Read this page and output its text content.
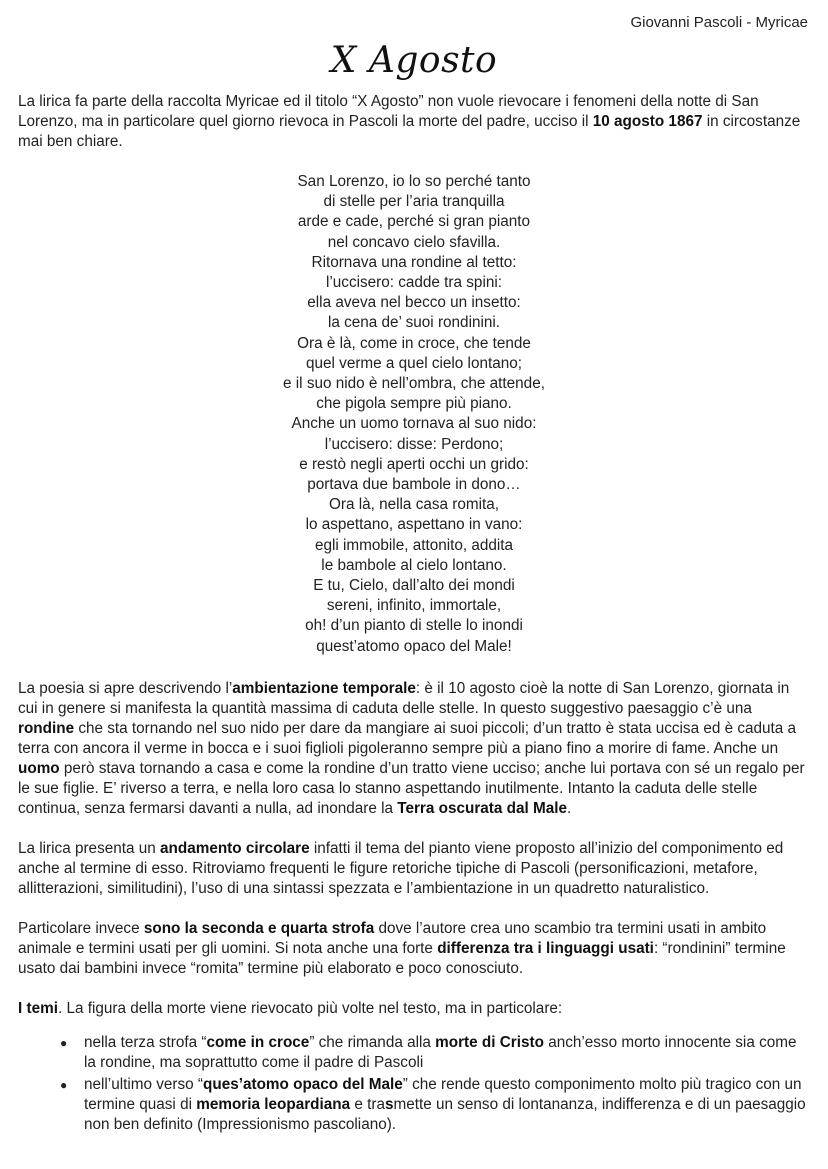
Giovanni Pascoli - Myricae
X Agosto

La lirica fa parte della raccolta Myricae ed il titolo “X Agosto” non vuole rievocare i fenomeni della notte di San Lorenzo, ma in particolare quel giorno rievoca in Pascoli la morte del padre, ucciso il 10 agosto 1867 in circostanze mai ben chiare.

San Lorenzo, io lo so perché tanto
di stelle per l’aria tranquilla
arde e cade, perché si gran pianto
nel concavo cielo sfavilla.
Ritornava una rondine al tetto:
l’uccisero: cadde tra spini:
ella aveva nel becco un insetto:
la cena de’ suoi rondinini.
Ora è là, come in croce, che tende
quel verme a quel cielo lontano;
e il suo nido è nell’ombra, che attende,
che pigola sempre più piano.
Anche un uomo tornava al suo nido:
l’uccisero: disse: Perdono;
e restò negli aperti occhi un grido:
portava due bambole in dono…
Ora là, nella casa romita,
lo aspettano, aspettano in vano:
egli immobile, attonito, addita
le bambole al cielo lontano.
E tu, Cielo, dall’alto dei mondi
sereni, infinito, immortale,
oh! d’un pianto di stelle lo inondi
quest’atomo opaco del Male!

La poesia si apre descrivendo l’ambientazione temporale: è il 10 agosto cioè la notte di San Lorenzo, giornata in cui in genere si manifesta la quantità massima di caduta delle stelle. In questo suggestivo paesaggio c’è una rondine che sta tornando nel suo nido per dare da mangiare ai suoi piccoli; d’un tratto è stata uccisa ed è caduta a terra con ancora il verme in bocca e i suoi figlioli pigoleranno sempre più a piano fino a morire di fame. Anche un uomo però stava tornando a casa e come la rondine d’un tratto viene ucciso; anche lui portava con sé un regalo per le sue figlie. E’ riverso a terra, e nella loro casa lo stanno aspettando inutilmente. Intanto la caduta delle stelle continua, senza fermarsi davanti a nulla, ad inondare la Terra oscurata dal Male.

La lirica presenta un andamento circolare infatti il tema del pianto viene proposto all’inizio del componimento ed anche al termine di esso. Ritroviamo frequenti le figure retoriche tipiche di Pascoli (personificazioni, metafore, allitterazioni, similitudini), l’uso di una sintassi spezzata e l’ambientazione in un quadretto naturalistico.

Particolare invece sono la seconda e quarta strofa dove l’autore crea uno scambio tra termini usati in ambito animale e termini usati per gli uomini. Si nota anche una forte differenza tra i linguaggi usati: “rondinini” termine usato dai bambini invece “romita” termine più elaborato e poco conosciuto.

I temi. La figura della morte viene rievocato più volte nel testo, ma in particolare:

● nella terza strofa “come in croce” che rimanda alla morte di Cristo anch’esso morto innocente sia come la rondine, ma soprattutto come il padre di Pascoli
● nell’ultimo verso “ques’atomo opaco del Male” che rende questo componimento molto più tragico con un termine quasi di memoria leopardiana e trasmette un senso di lontananza, indifferenza e di un paesaggio non ben definito (Impressionismo pascoliano).
